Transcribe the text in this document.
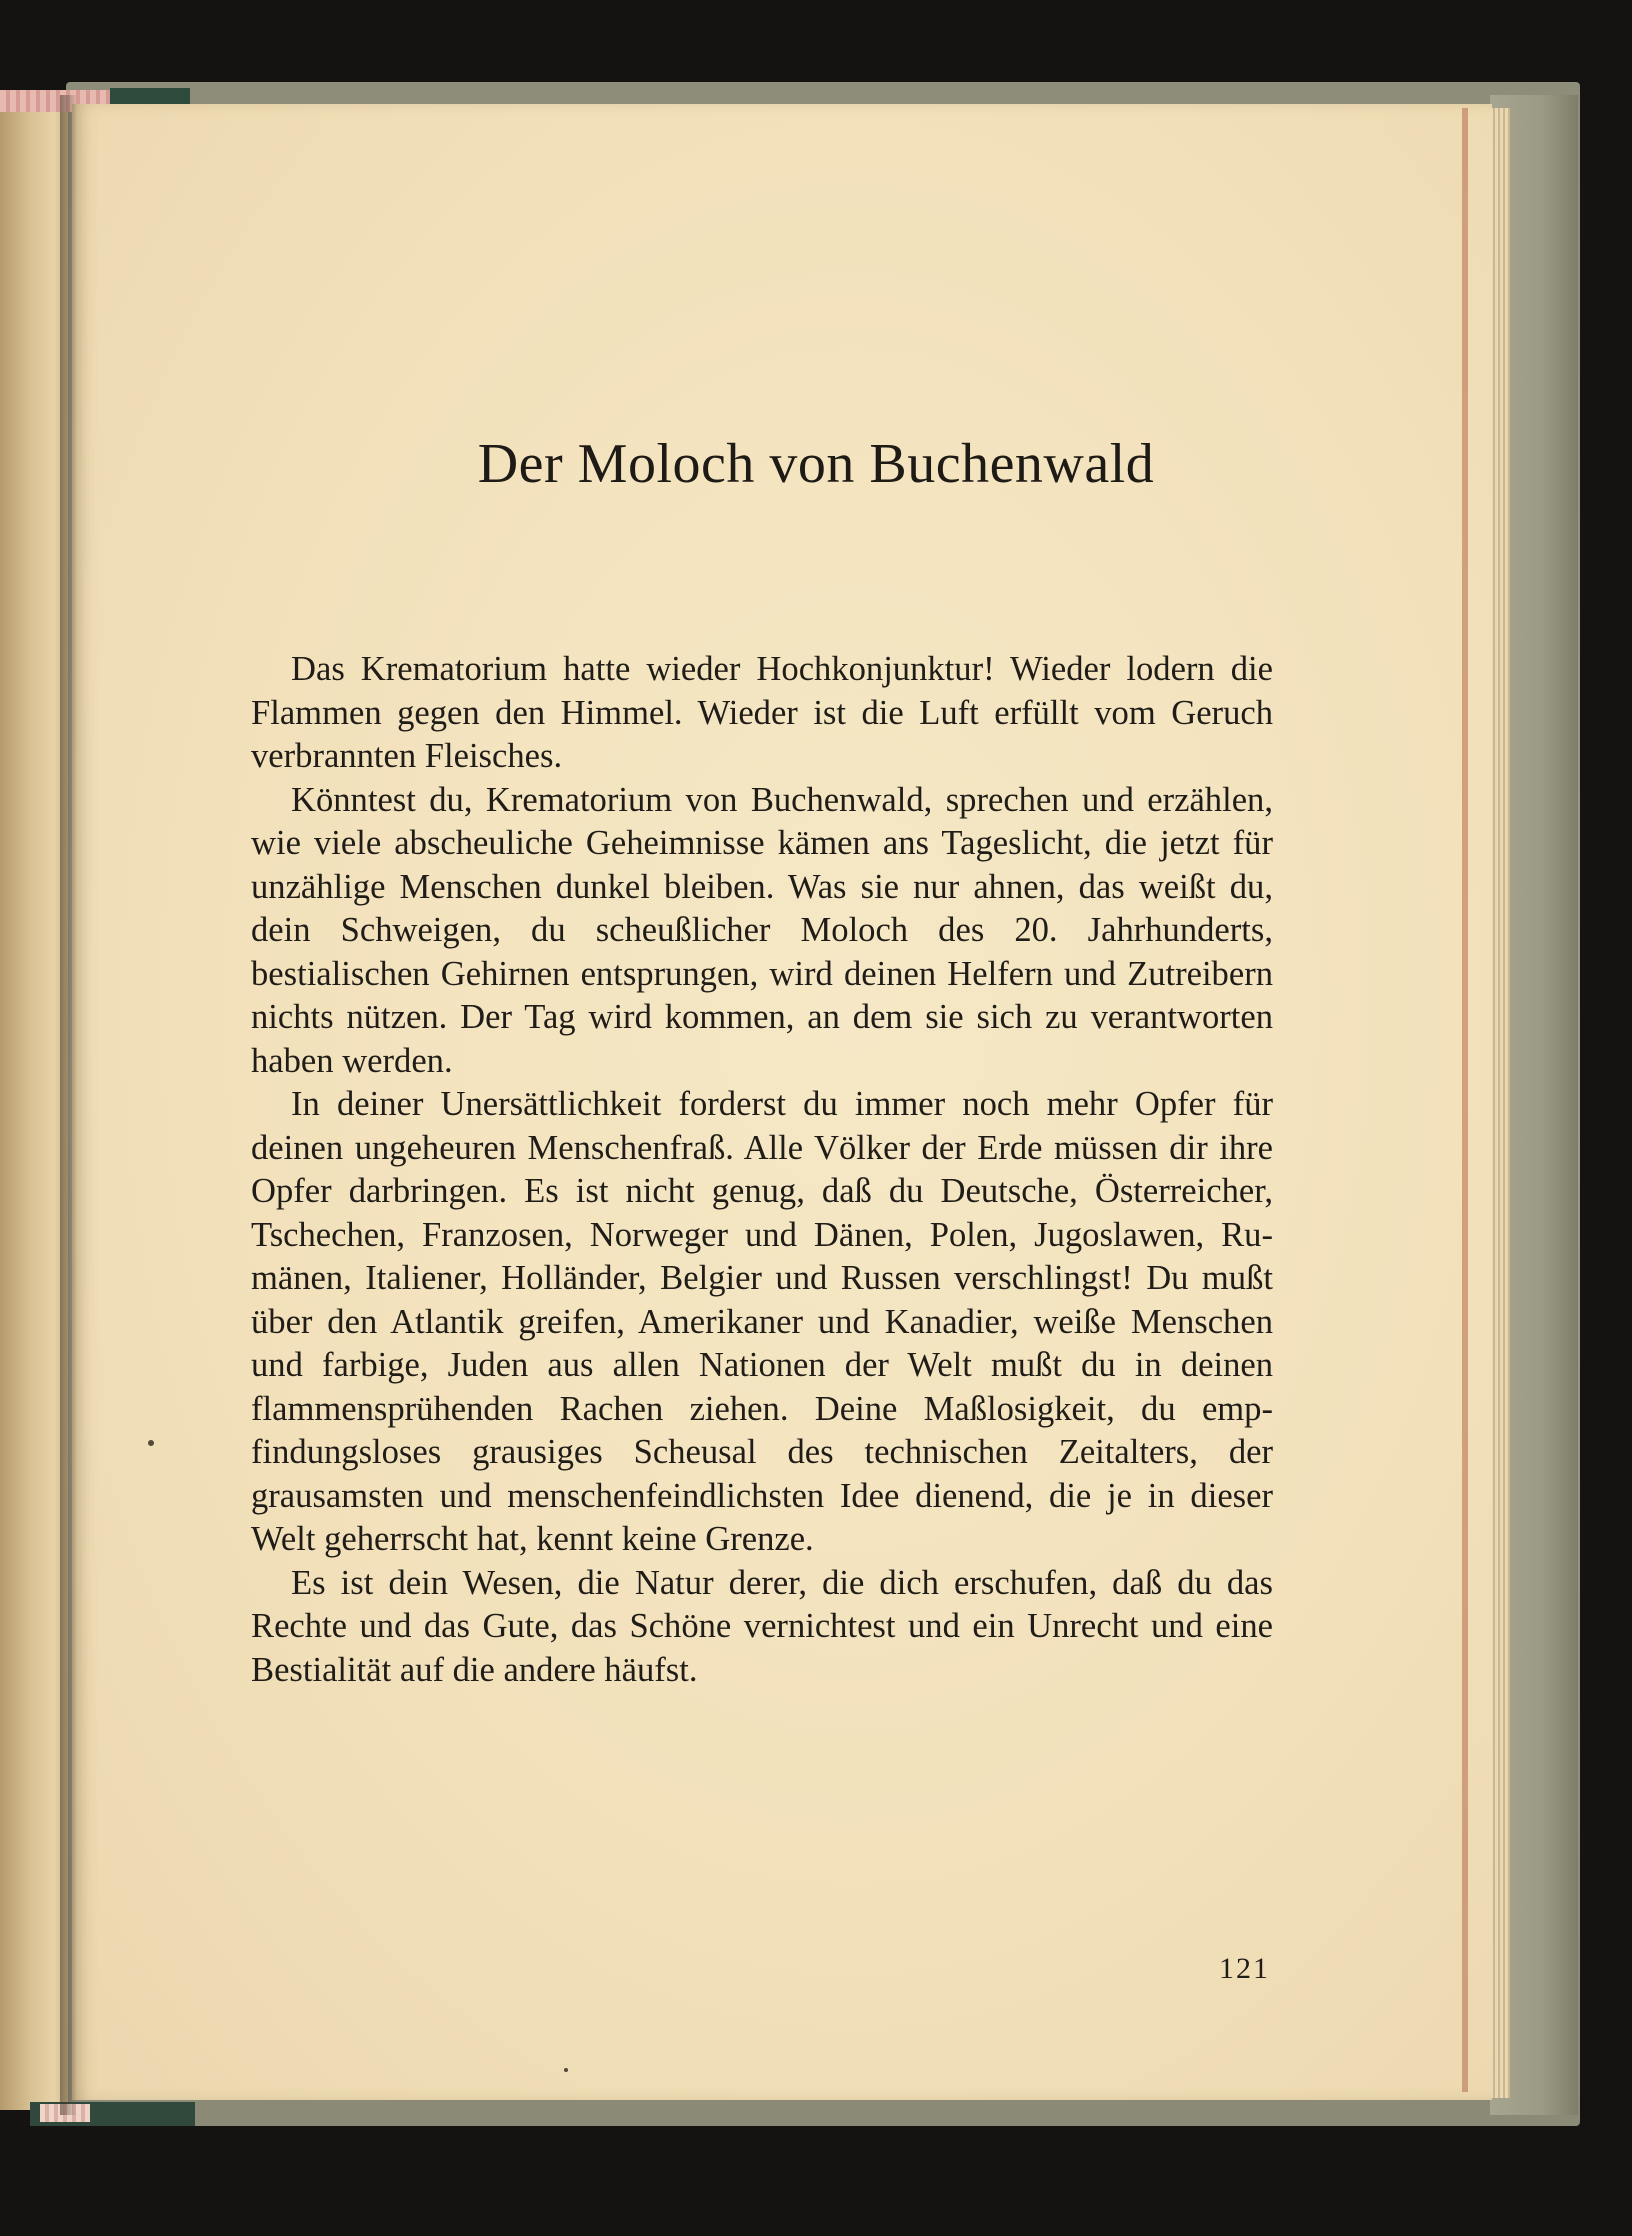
Der Moloch von Buchenwald

Das Krematorium hatte wieder Hochkonjunktur! Wieder lodern die Flammen gegen den Himmel. Wieder ist die Luft erfüllt vom Geruch verbrannten Fleisches.

Könntest du, Krematorium von Buchenwald, sprechen und erzählen, wie viele abscheuliche Geheimnisse kämen ans Tageslicht, die jetzt für unzählige Menschen dunkel bleiben. Was sie nur ahnen, das weißt du, dein Schweigen, du scheußlicher Moloch des 20. Jahrhunderts, bestialischen Gehirnen entsprungen, wird deinen Helfern und Zutreibern nichts nützen. Der Tag wird kommen, an dem sie sich zu verantworten haben werden.

In deiner Unersättlichkeit forderst du immer noch mehr Opfer für deinen ungeheuren Menschenfraß. Alle Völker der Erde müssen dir ihre Opfer darbringen. Es ist nicht genug, daß du Deutsche, Österreicher, Tschechen, Franzosen, Norweger und Dänen, Polen, Jugoslawen, Rumänen, Italiener, Holländer, Belgier und Russen verschlingst! Du mußt über den Atlantik greifen, Amerikaner und Kanadier, weiße Menschen und farbige, Juden aus allen Nationen der Welt mußt du in deinen flammensprühenden Rachen ziehen. Deine Maßlosigkeit, du empfindungsloses grausiges Scheusal des technischen Zeitalters, der grausamsten und menschenfeindlichsten Idee dienend, die je in dieser Welt geherrscht hat, kennt keine Grenze.

Es ist dein Wesen, die Natur derer, die dich erschufen, daß du das Rechte und das Gute, das Schöne vernichtest und ein Unrecht und eine Bestialität auf die andere häufst.

121
